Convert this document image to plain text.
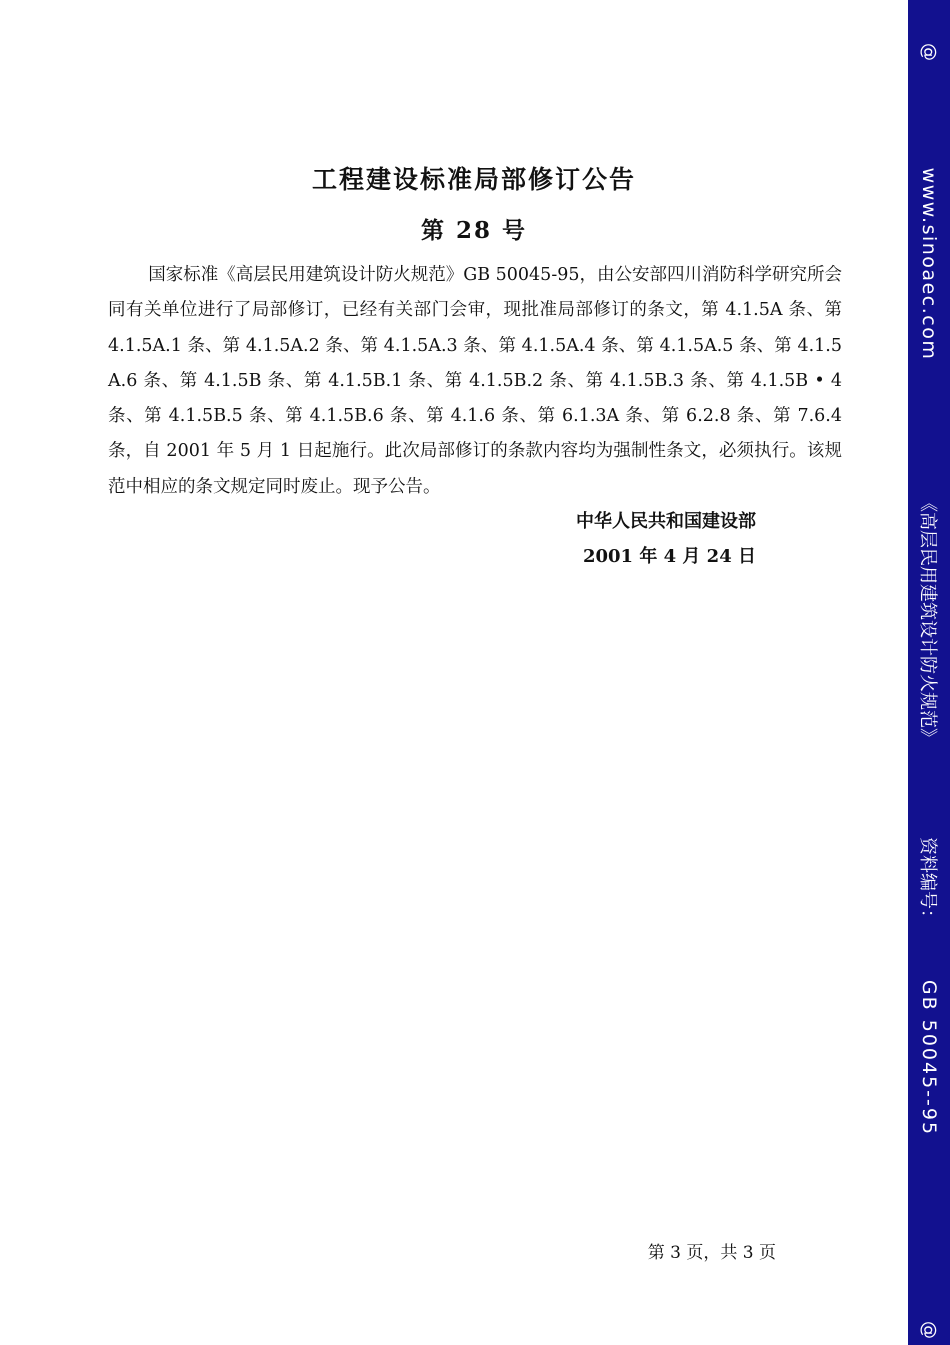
工程建设标准局部修订公告
第 28 号
国家标准《高层民用建筑设计防火规范》GB 50045-95，由公安部四川消防科学研究所会同有关单位进行了局部修订，已经有关部门会审，现批准局部修订的条文，第 4.1.5A 条、第 4.1.5A.1 条、第 4.1.5A.2 条、第 4.1.5A.3 条、第 4.1.5A.4 条、第 4.1.5A.5 条、第 4.1.5A.6 条、第 4.1.5B 条、第 4.1.5B.1 条、第 4.1.5B.2 条、第 4.1.5B.3 条、第 4.1.5B • 4 条、第 4.1.5B.5 条、第 4.1.5B.6 条、第 4.1.6 条、第 6.1.3A 条、第 6.2.8 条、第 7.6.4 条，自 2001 年 5 月 1 日起施行。此次局部修订的条款内容均为强制性条文，必须执行。该规范中相应的条文规定同时废止。现予公告。
中华人民共和国建设部
2001 年 4 月 24 日
第 3 页，共 3 页
@
www.sinoaec.com
《高层民用建筑设计防火规范》
资料编号：
GB 50045--95
@
